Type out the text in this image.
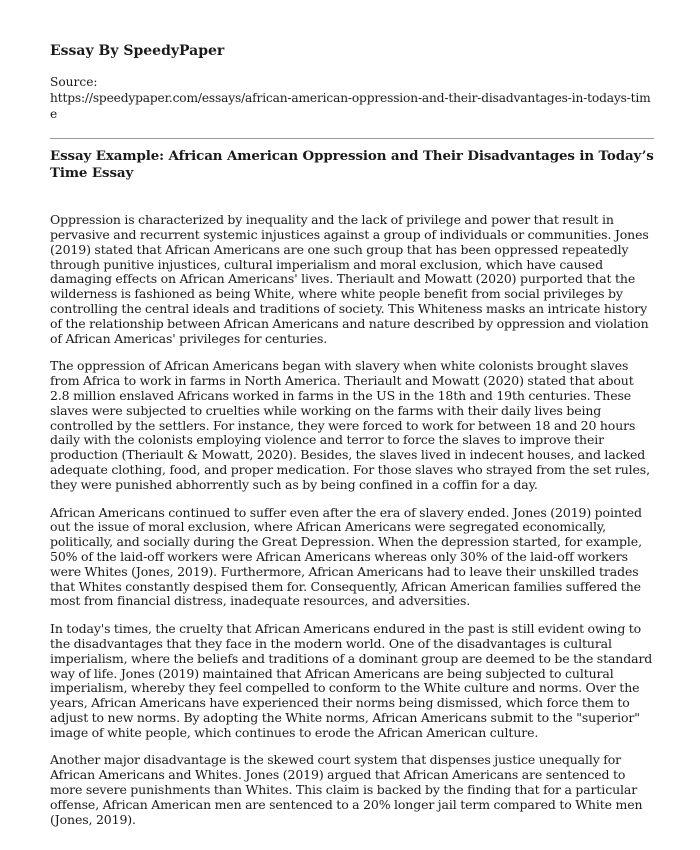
Essay By SpeedyPaper
Source:
https://speedypaper.com/essays/african-american-oppression-and-their-disadvantages-in-todays-time
Essay Example: African American Oppression and Their Disadvantages in Today’s Time Essay

Oppression is characterized by inequality and the lack of privilege and power that result in pervasive and recurrent systemic injustices against a group of individuals or communities. Jones (2019) stated that African Americans are one such group that has been oppressed repeatedly through punitive injustices, cultural imperialism and moral exclusion, which have caused damaging effects on African Americans' lives. Theriault and Mowatt (2020) purported that the wilderness is fashioned as being White, where white people benefit from social privileges by controlling the central ideals and traditions of society. This Whiteness masks an intricate history of the relationship between African Americans and nature described by oppression and violation of African Americas' privileges for centuries.

The oppression of African Americans began with slavery when white colonists brought slaves from Africa to work in farms in North America. Theriault and Mowatt (2020) stated that about 2.8 million enslaved Africans worked in farms in the US in the 18th and 19th centuries. These slaves were subjected to cruelties while working on the farms with their daily lives being controlled by the settlers. For instance, they were forced to work for between 18 and 20 hours daily with the colonists employing violence and terror to force the slaves to improve their production (Theriault & Mowatt, 2020). Besides, the slaves lived in indecent houses, and lacked adequate clothing, food, and proper medication. For those slaves who strayed from the set rules, they were punished abhorrently such as by being confined in a coffin for a day.

African Americans continued to suffer even after the era of slavery ended. Jones (2019) pointed out the issue of moral exclusion, where African Americans were segregated economically, politically, and socially during the Great Depression. When the depression started, for example, 50% of the laid-off workers were African Americans whereas only 30% of the laid-off workers were Whites (Jones, 2019). Furthermore, African Americans had to leave their unskilled trades that Whites constantly despised them for. Consequently, African American families suffered the most from financial distress, inadequate resources, and adversities.

In today's times, the cruelty that African Americans endured in the past is still evident owing to the disadvantages that they face in the modern world. One of the disadvantages is cultural imperialism, where the beliefs and traditions of a dominant group are deemed to be the standard way of life. Jones (2019) maintained that African Americans are being subjected to cultural imperialism, whereby they feel compelled to conform to the White culture and norms. Over the years, African Americans have experienced their norms being dismissed, which force them to adjust to new norms. By adopting the White norms, African Americans submit to the "superior" image of white people, which continues to erode the African American culture.

Another major disadvantage is the skewed court system that dispenses justice unequally for African Americans and Whites. Jones (2019) argued that African Americans are sentenced to more severe punishments than Whites. This claim is backed by the finding that for a particular offense, African American men are sentenced to a 20% longer jail term compared to White men (Jones, 2019).
